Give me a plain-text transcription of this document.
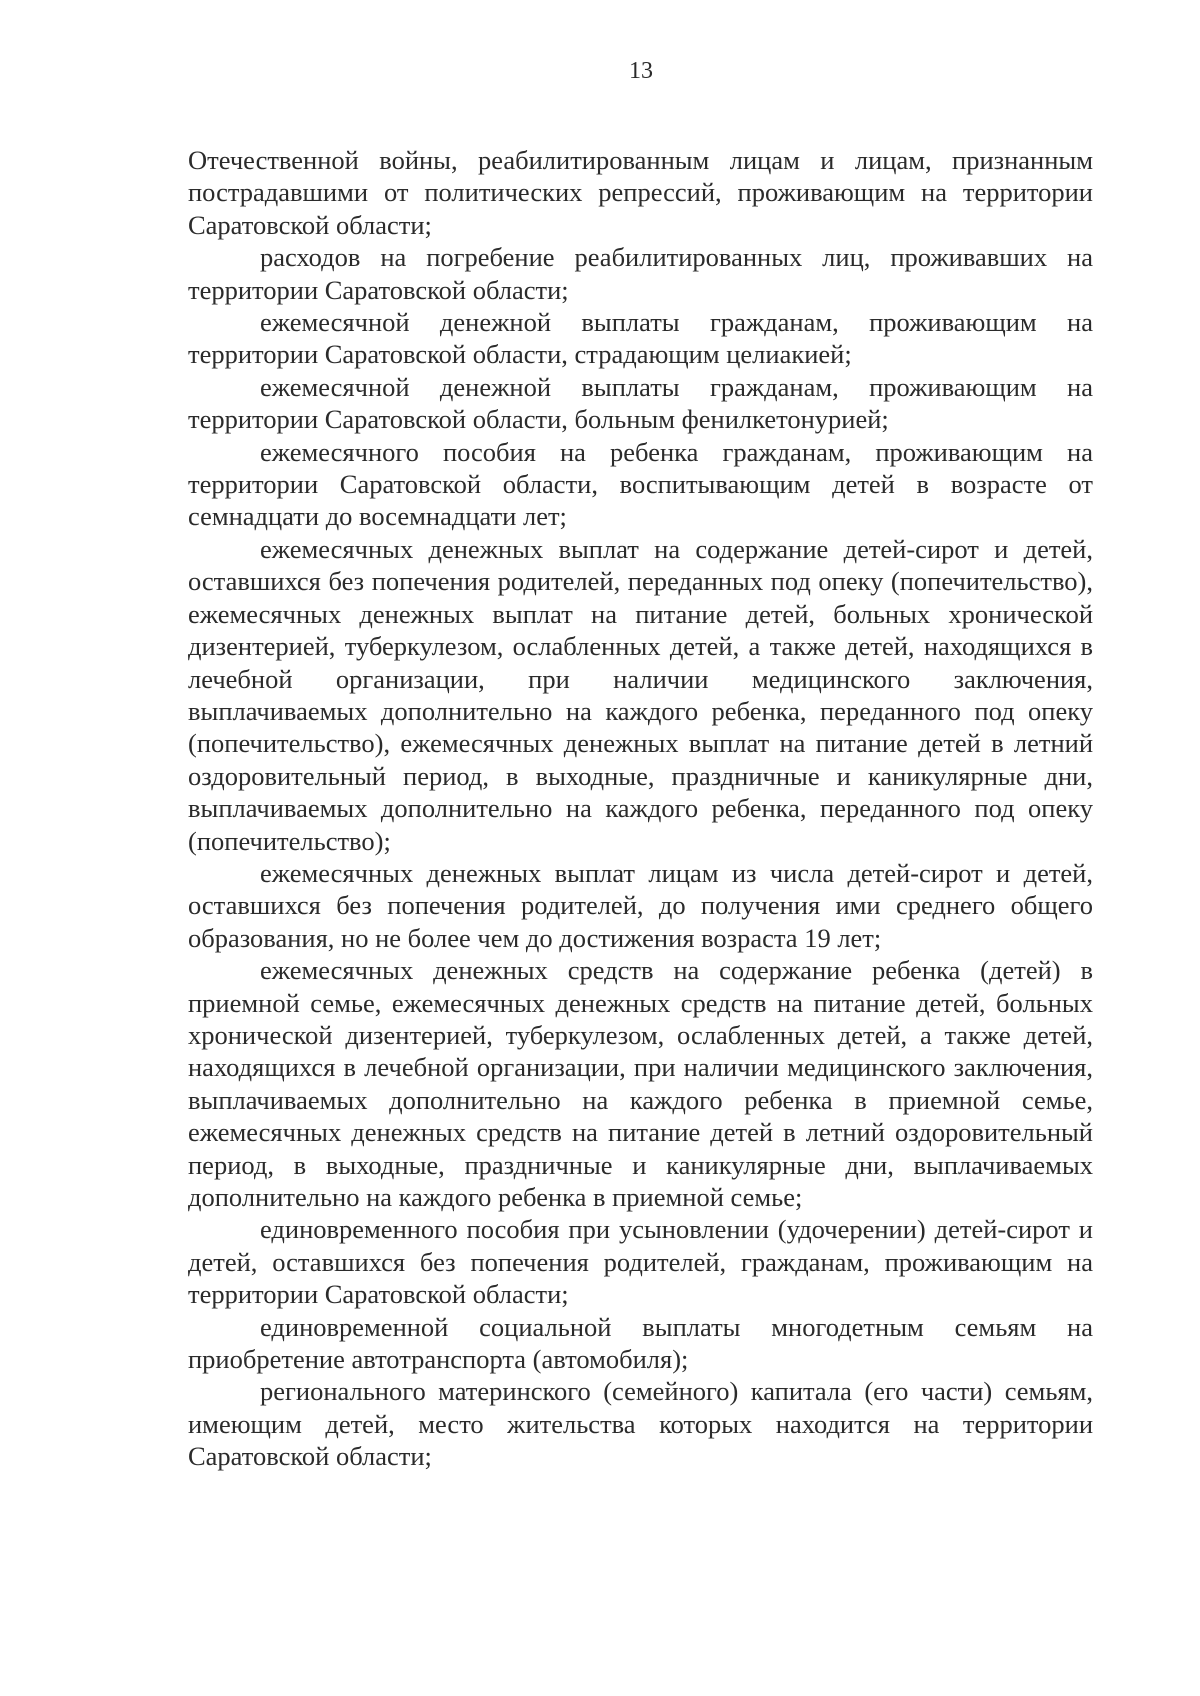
13

Отечественной войны, реабилитированным лицам и лицам, признанным пострадавшими от политических репрессий, проживающим на территории Саратовской области;

расходов на погребение реабилитированных лиц, проживавших на территории Саратовской области;

ежемесячной денежной выплаты гражданам, проживающим на территории Саратовской области, страдающим целиакией;

ежемесячной денежной выплаты гражданам, проживающим на территории Саратовской области, больным фенилкетонурией;

ежемесячного пособия на ребенка гражданам, проживающим на территории Саратовской области, воспитывающим детей в возрасте от семнадцати до восемнадцати лет;

ежемесячных денежных выплат на содержание детей-сирот и детей, оставшихся без попечения родителей, переданных под опеку (попечительство), ежемесячных денежных выплат на питание детей, больных хронической дизентерией, туберкулезом, ослабленных детей, а также детей, находящихся в лечебной организации, при наличии медицинского заключения, выплачиваемых дополнительно на каждого ребенка, переданного под опеку (попечительство), ежемесячных денежных выплат на питание детей в летний оздоровительный период, в выходные, праздничные и каникулярные дни, выплачиваемых дополнительно на каждого ребенка, переданного под опеку (попечительство);

ежемесячных денежных выплат лицам из числа детей-сирот и детей, оставшихся без попечения родителей, до получения ими среднего общего образования, но не более чем до достижения возраста 19 лет;

ежемесячных денежных средств на содержание ребенка (детей) в приемной семье, ежемесячных денежных средств на питание детей, больных хронической дизентерией, туберкулезом, ослабленных детей, а также детей, находящихся в лечебной организации, при наличии медицинского заключения, выплачиваемых дополнительно на каждого ребенка в приемной семье, ежемесячных денежных средств на питание детей в летний оздоровительный период, в выходные, праздничные и каникулярные дни, выплачиваемых дополнительно на каждого ребенка в приемной семье;

единовременного пособия при усыновлении (удочерении) детей-сирот и детей, оставшихся без попечения родителей, гражданам, проживающим на территории Саратовской области;

единовременной социальной выплаты многодетным семьям на приобретение автотранспорта (автомобиля);

регионального материнского (семейного) капитала (его части) семьям, имеющим детей, место жительства которых находится на территории Саратовской области;
